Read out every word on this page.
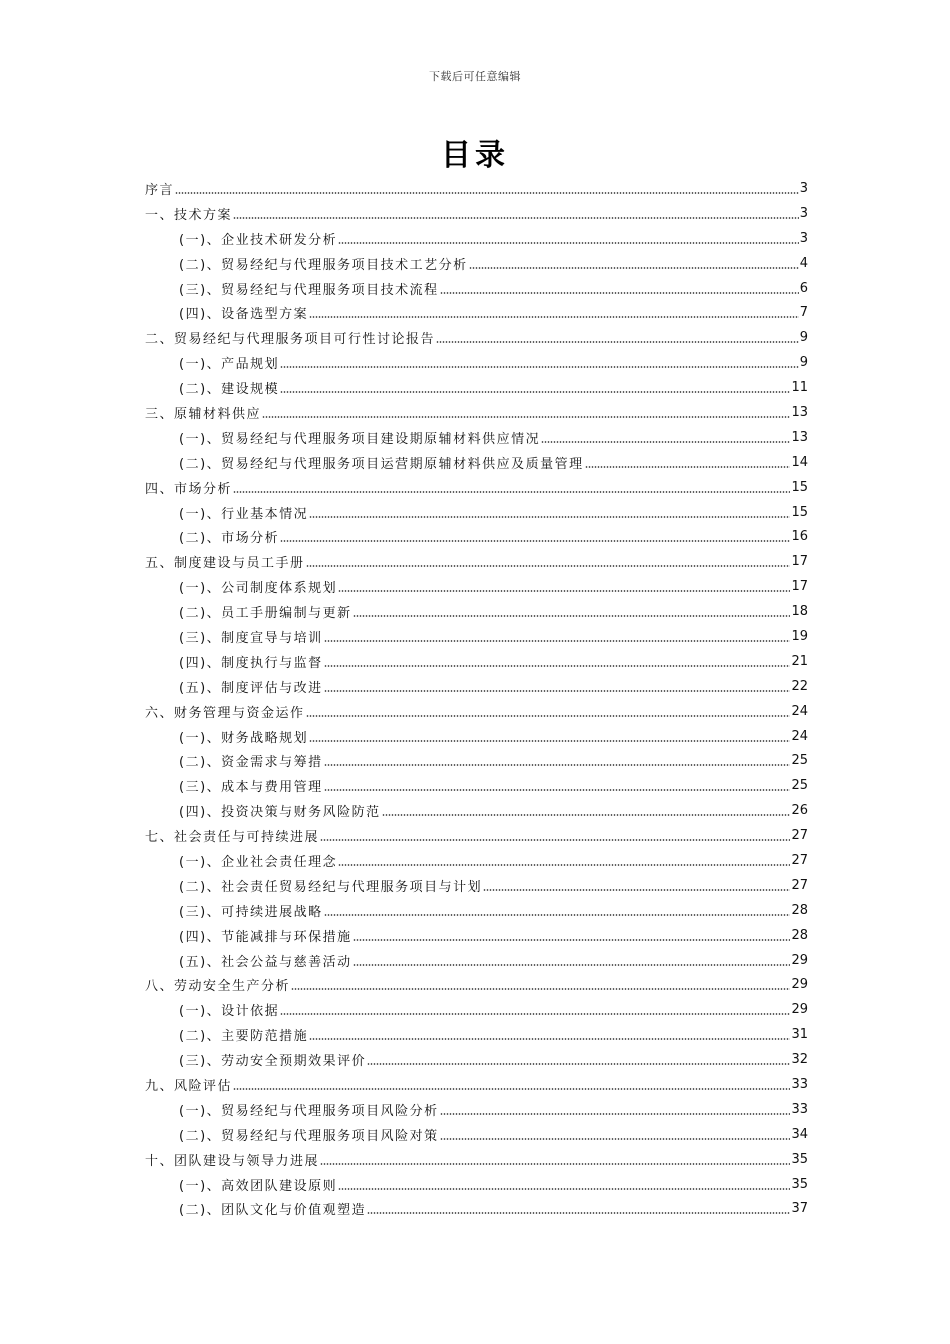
下载后可任意编辑
目录
序言	3
一、技术方案	3
(一)、企业技术研发分析	3
(二)、贸易经纪与代理服务项目技术工艺分析	4
(三)、贸易经纪与代理服务项目技术流程	6
(四)、设备选型方案	7
二、贸易经纪与代理服务项目可行性讨论报告	9
(一)、产品规划	9
(二)、建设规模	11
三、原辅材料供应	13
(一)、贸易经纪与代理服务项目建设期原辅材料供应情况	13
(二)、贸易经纪与代理服务项目运营期原辅材料供应及质量管理	14
四、市场分析	15
(一)、行业基本情况	15
(二)、市场分析	16
五、制度建设与员工手册	17
(一)、公司制度体系规划	17
(二)、员工手册编制与更新	18
(三)、制度宣导与培训	19
(四)、制度执行与监督	21
(五)、制度评估与改进	22
六、财务管理与资金运作	24
(一)、财务战略规划	24
(二)、资金需求与筹措	25
(三)、成本与费用管理	25
(四)、投资决策与财务风险防范	26
七、社会责任与可持续进展	27
(一)、企业社会责任理念	27
(二)、社会责任贸易经纪与代理服务项目与计划	27
(三)、可持续进展战略	28
(四)、节能减排与环保措施	28
(五)、社会公益与慈善活动	29
八、劳动安全生产分析	29
(一)、设计依据	29
(二)、主要防范措施	31
(三)、劳动安全预期效果评价	32
九、风险评估	33
(一)、贸易经纪与代理服务项目风险分析	33
(二)、贸易经纪与代理服务项目风险对策	34
十、团队建设与领导力进展	35
(一)、高效团队建设原则	35
(二)、团队文化与价值观塑造	37
